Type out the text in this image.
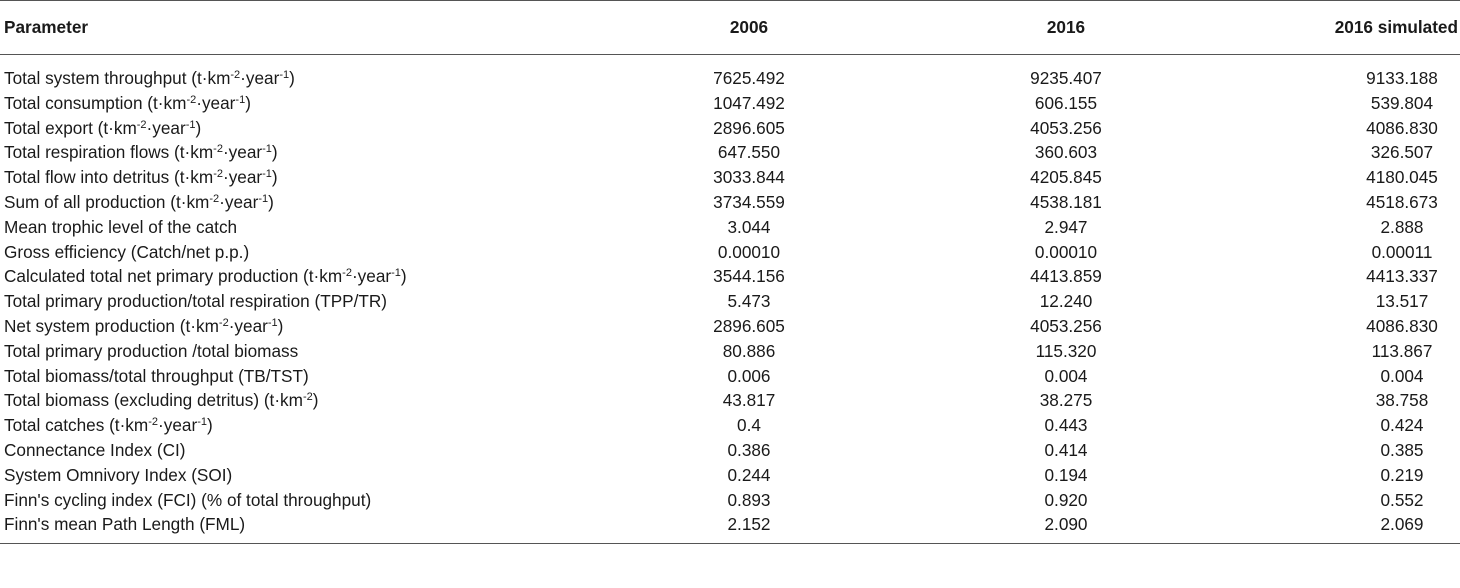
Parameter	2006	2016	2016 simulated
Total system throughput $(t\cdot km^{-2}\cdot year^{-1})$	7625.492	9235.407	9133.188
Total consumption $(t\cdot km^{-2}\cdot year^{-1})$	1047.492	606.155	539.804
Total export $(t\cdot km^{-2}\cdot year^{-1})$	2896.605	4053.256	4086.830
Total respiration flows $(t\cdot km^{-2}\cdot year^{-1})$	647.550	360.603	326.507
Total flow into detritus $(t\cdot km^{-2}\cdot year^{-1})$	3033.844	4205.845	4180.045
Sum of all production $(t\cdot km^{-2}\cdot year^{-1})$	3734.559	4538.181	4518.673
Mean trophic level of the catch	3.044	2.947	2.888
Gross efficiency (Catch/net p.p.)	0.00010	0.00010	0.00011
Calculated total net primary production $(t\cdot km^{-2}\cdot year^{-1})$	3544.156	4413.859	4413.337
Total primary production/total respiration (TPP/TR)	5.473	12.240	13.517
Net system production $(t\cdot km^{-2}\cdot year^{-1})$	2896.605	4053.256	4086.830
Total primary production /total biomass	80.886	115.320	113.867
Total biomass/total throughput (TB/TST)	0.006	0.004	0.004
Total biomass (excluding detritus) $(t\cdot km^{-2})$	43.817	38.275	38.758
Total catches $(t\cdot km^{-2}\cdot year^{-1})$	0.4	0.443	0.424
Connectance Index (CI)	0.386	0.414	0.385
System Omnivory Index (SOI)	0.244	0.194	0.219
Finn's cycling index (FCI) (% of total throughput)	0.893	0.920	0.552
Finn's mean Path Length (FML)	2.152	2.090	2.069
